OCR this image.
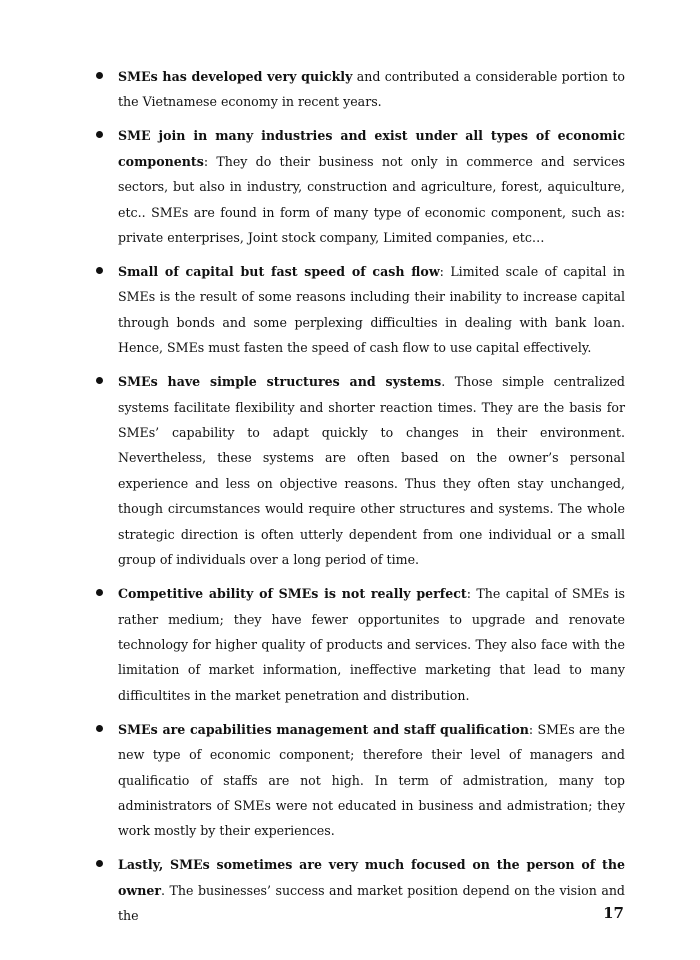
SMEs has developed very quickly and contributed a considerable portion to the Vietnamese economy in recent years.
SME join in many industries and exist under all types of economic components: They do their business not only in commerce and services sectors, but also in industry, construction and agriculture, forest, aquiculture, etc.. SMEs are found in form of many type of economic component, such as: private enterprises, Joint stock company, Limited companies, etc…
Small of capital but fast speed of cash flow: Limited scale of capital in SMEs is the result of some reasons including their inability to increase capital through bonds and some perplexing difficulties in dealing with bank loan. Hence, SMEs must fasten the speed of cash flow to use capital effectively.
SMEs have simple structures and systems. Those simple centralized systems facilitate flexibility and shorter reaction times. They are the basis for SMEs’ capability to adapt quickly to changes in their environment. Nevertheless, these systems are often based on the owner’s personal experience and less on objective reasons. Thus they often stay unchanged, though circumstances would require other structures and systems. The whole strategic direction is often utterly dependent from one individual or a small group of individuals over a long period of time.
Competitive ability of SMEs is not really perfect: The capital of SMEs is rather medium; they have fewer opportunites to upgrade and renovate technology for higher quality of products and services. They also face with the limitation of market information, ineffective marketing that lead to many difficultites in the market penetration and distribution.
SMEs are capabilities management and staff qualification: SMEs are the new type of economic component; therefore their level of managers and qualificatio of staffs are not high. In term of admistration, many top administrators of SMEs were not educated in business and admistration; they work mostly by their experiences.
Lastly, SMEs sometimes are very much focused on the person of the owner. The businesses’ success and market position depend on the vision and the	17
